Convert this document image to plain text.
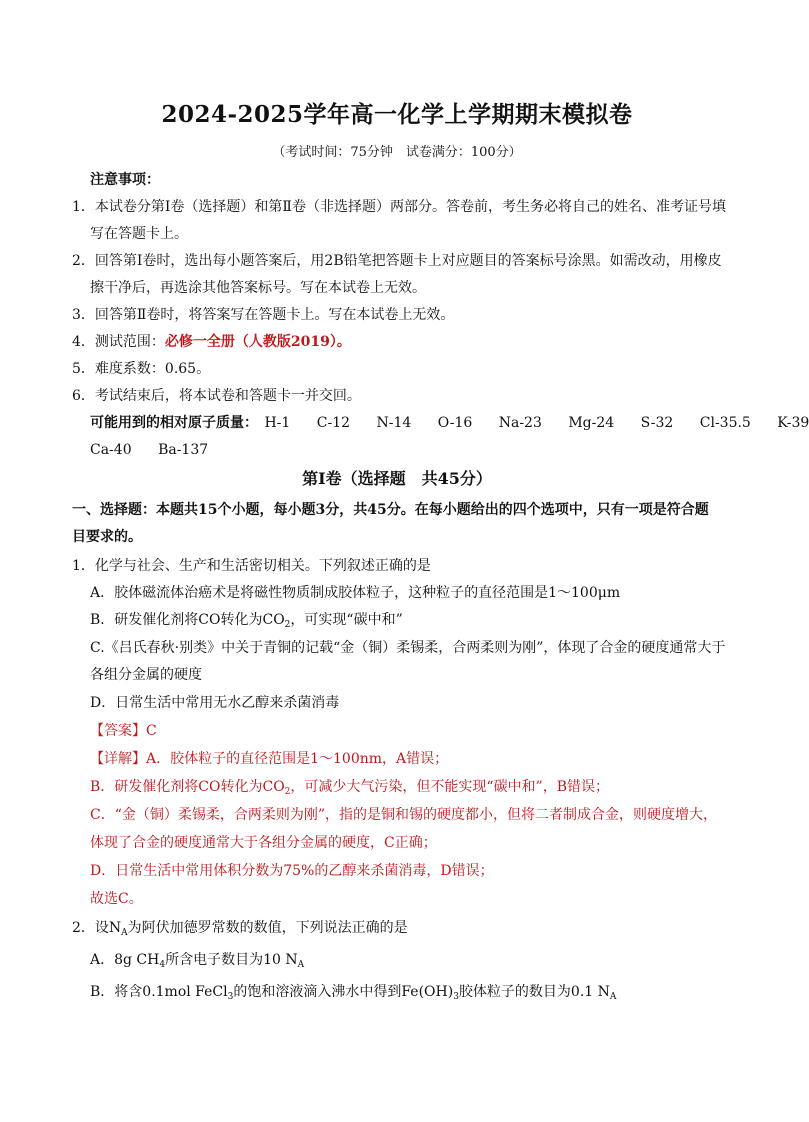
2024-2025学年高一化学上学期期末模拟卷
（考试时间：75分钟　试卷满分：100分）
注意事项：
1．本试卷分第Ⅰ卷（选择题）和第Ⅱ卷（非选择题）两部分。答卷前，考生务必将自己的姓名、准考证号填
写在答题卡上。
2．回答第Ⅰ卷时，选出每小题答案后，用2B铅笔把答题卡上对应题目的答案标号涂黑。如需改动，用橡皮
擦干净后，再选涂其他答案标号。写在本试卷上无效。
3．回答第Ⅱ卷时，将答案写在答题卡上。写在本试卷上无效。
4．测试范围：必修一全册（人教版2019）。
5．难度系数：0.65。
6．考试结束后，将本试卷和答题卡一并交回。
可能用到的相对原子质量： H-1 C-12 N-14 O-16 Na-23 Mg-24 S-32 Cl-35.5 K-39
Ca-40 Ba-137
第Ⅰ卷（选择题　共45分）
一、选择题：本题共15个小题，每小题3分，共45分。在每小题给出的四个选项中，只有一项是符合题
目要求的。
1．化学与社会、生产和生活密切相关。下列叙述正确的是
A．胶体磁流体治癌术是将磁性物质制成胶体粒子，这种粒子的直径范围是1～100μm
B．研发催化剂将CO转化为$CO_2$，可实现“碳中和”
C.《吕氏春秋·别类》中关于青铜的记载“金（铜）柔锡柔，合两柔则为刚”，体现了合金的硬度通常大于
各组分金属的硬度
D．日常生活中常用无水乙醇来杀菌消毒
【答案】C
【详解】A．胶体粒子的直径范围是1～100nm，A错误；
B．研发催化剂将CO转化为$CO_2$，可减少大气污染，但不能实现“碳中和”，B错误；
C．“金（铜）柔锡柔，合两柔则为刚”，指的是铜和锡的硬度都小，但将二者制成合金，则硬度增大，
体现了合金的硬度通常大于各组分金属的硬度，C正确；
D．日常生活中常用体积分数为75%的乙醇来杀菌消毒，D错误；
故选C。
2．设$N_A$为阿伏加德罗常数的数值，下列说法正确的是
A．8g $CH_4$所含电子数目为10 $N_A$
B．将含0.1mol FeCl$_3$的饱和溶液滴入沸水中得到$Fe(OH)_3$胶体粒子的数目为0.1 $N_A$
